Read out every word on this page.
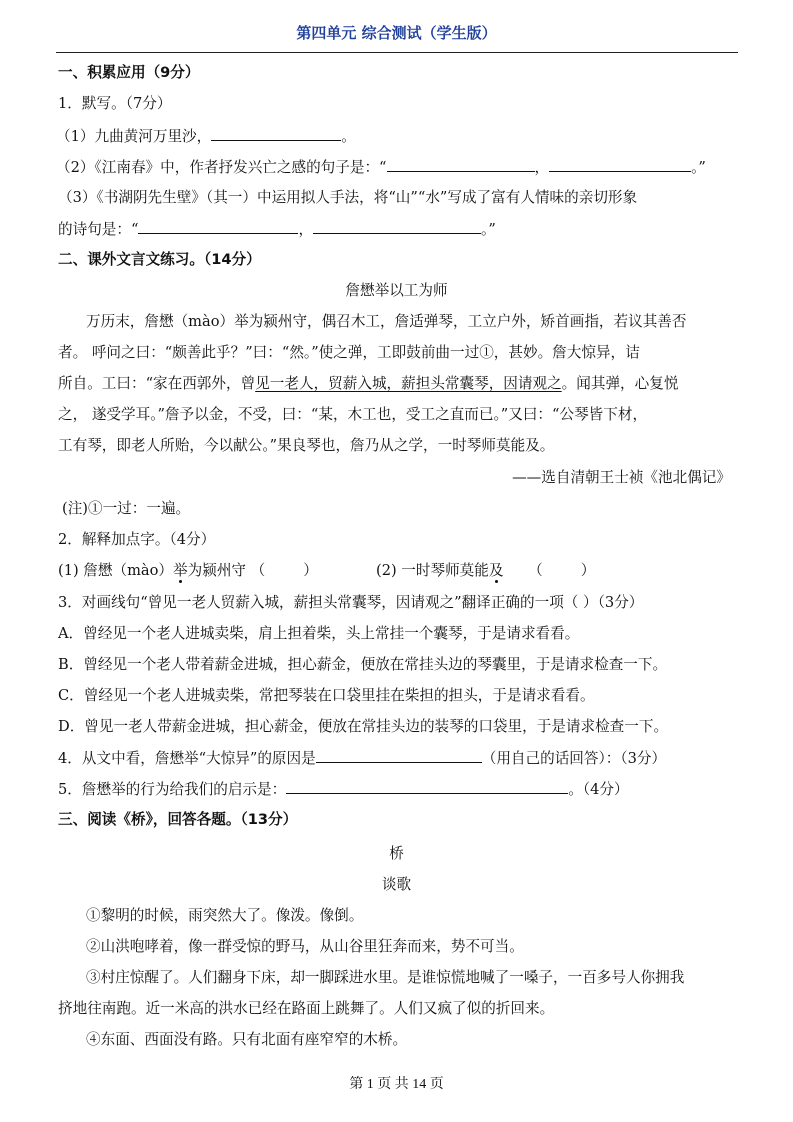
第四单元 综合测试（学生版）
一、积累应用（9分）
1．默写。（7分）
（1）九曲黄河万里沙，	。
（2）《江南春》中，作者抒发兴亡之感的句子是：“	，	。”
（3）《书湖阴先生壁》（其一）中运用拟人手法，将“山”“水”写成了富有人情味的亲切形象
的诗句是：“	，	。”
二、课外文言文练习。（14分）
詹懋举以工为师
万历末，詹懋（mào）举为颍州守，偶召木工，詹适弹琴，工立户外，矫首画指，若议其善否
者。 呼问之曰：“颇善此乎？”曰：“然。”使之弹，工即鼓前曲一过①，甚妙。詹大惊异，诘
所自。工曰：“家在西郭外，曾见一老人，贸薪入城，薪担头常囊琴，因请观之。闻其弹，心复悦
之， 遂受学耳。”詹予以金，不受，曰：“某，木工也，受工之直而已。”又曰：“公琴皆下材，
工有琴，即老人所贻，今以献公。”果良琴也，詹乃从之学，一时琴师莫能及。
——选自清朝王士祯《池北偶记》
(注)①一过：一遍。
2．解释加点字。（4分）
(1) 詹懋（mào）举为颍州守 （	）	(2) 一时琴师莫能及 （	）
3．对画线句“曾见一老人贸薪入城，薪担头常囊琴，因请观之”翻译正确的一项（ ）（3分）
A．曾经见一个老人进城卖柴，肩上担着柴，头上常挂一个囊琴，于是请求看看。
B．曾经见一个老人带着薪金进城，担心薪金，便放在常挂头边的琴囊里，于是请求检查一下。
C．曾经见一个老人进城卖柴，常把琴装在口袋里挂在柴担的担头，于是请求看看。
D．曾见一老人带薪金进城，担心薪金，便放在常挂头边的装琴的口袋里，于是请求检查一下。
4．从文中看，詹懋举“大惊异”的原因是	（用自己的话回答）：（3分）
5．詹懋举的行为给我们的启示是：	。（4分）
三、阅读《桥》，回答各题。（13分）
桥
谈歌
①黎明的时候，雨突然大了。像泼。像倒。
②山洪咆哮着，像一群受惊的野马，从山谷里狂奔而来，势不可当。
③村庄惊醒了。人们翻身下床，却一脚踩进水里。是谁惊慌地喊了一嗓子，一百多号人你拥我
挤地往南跑。近一米高的洪水已经在路面上跳舞了。人们又疯了似的折回来。
④东面、西面没有路。只有北面有座窄窄的木桥。
第 1 页 共 14 页
